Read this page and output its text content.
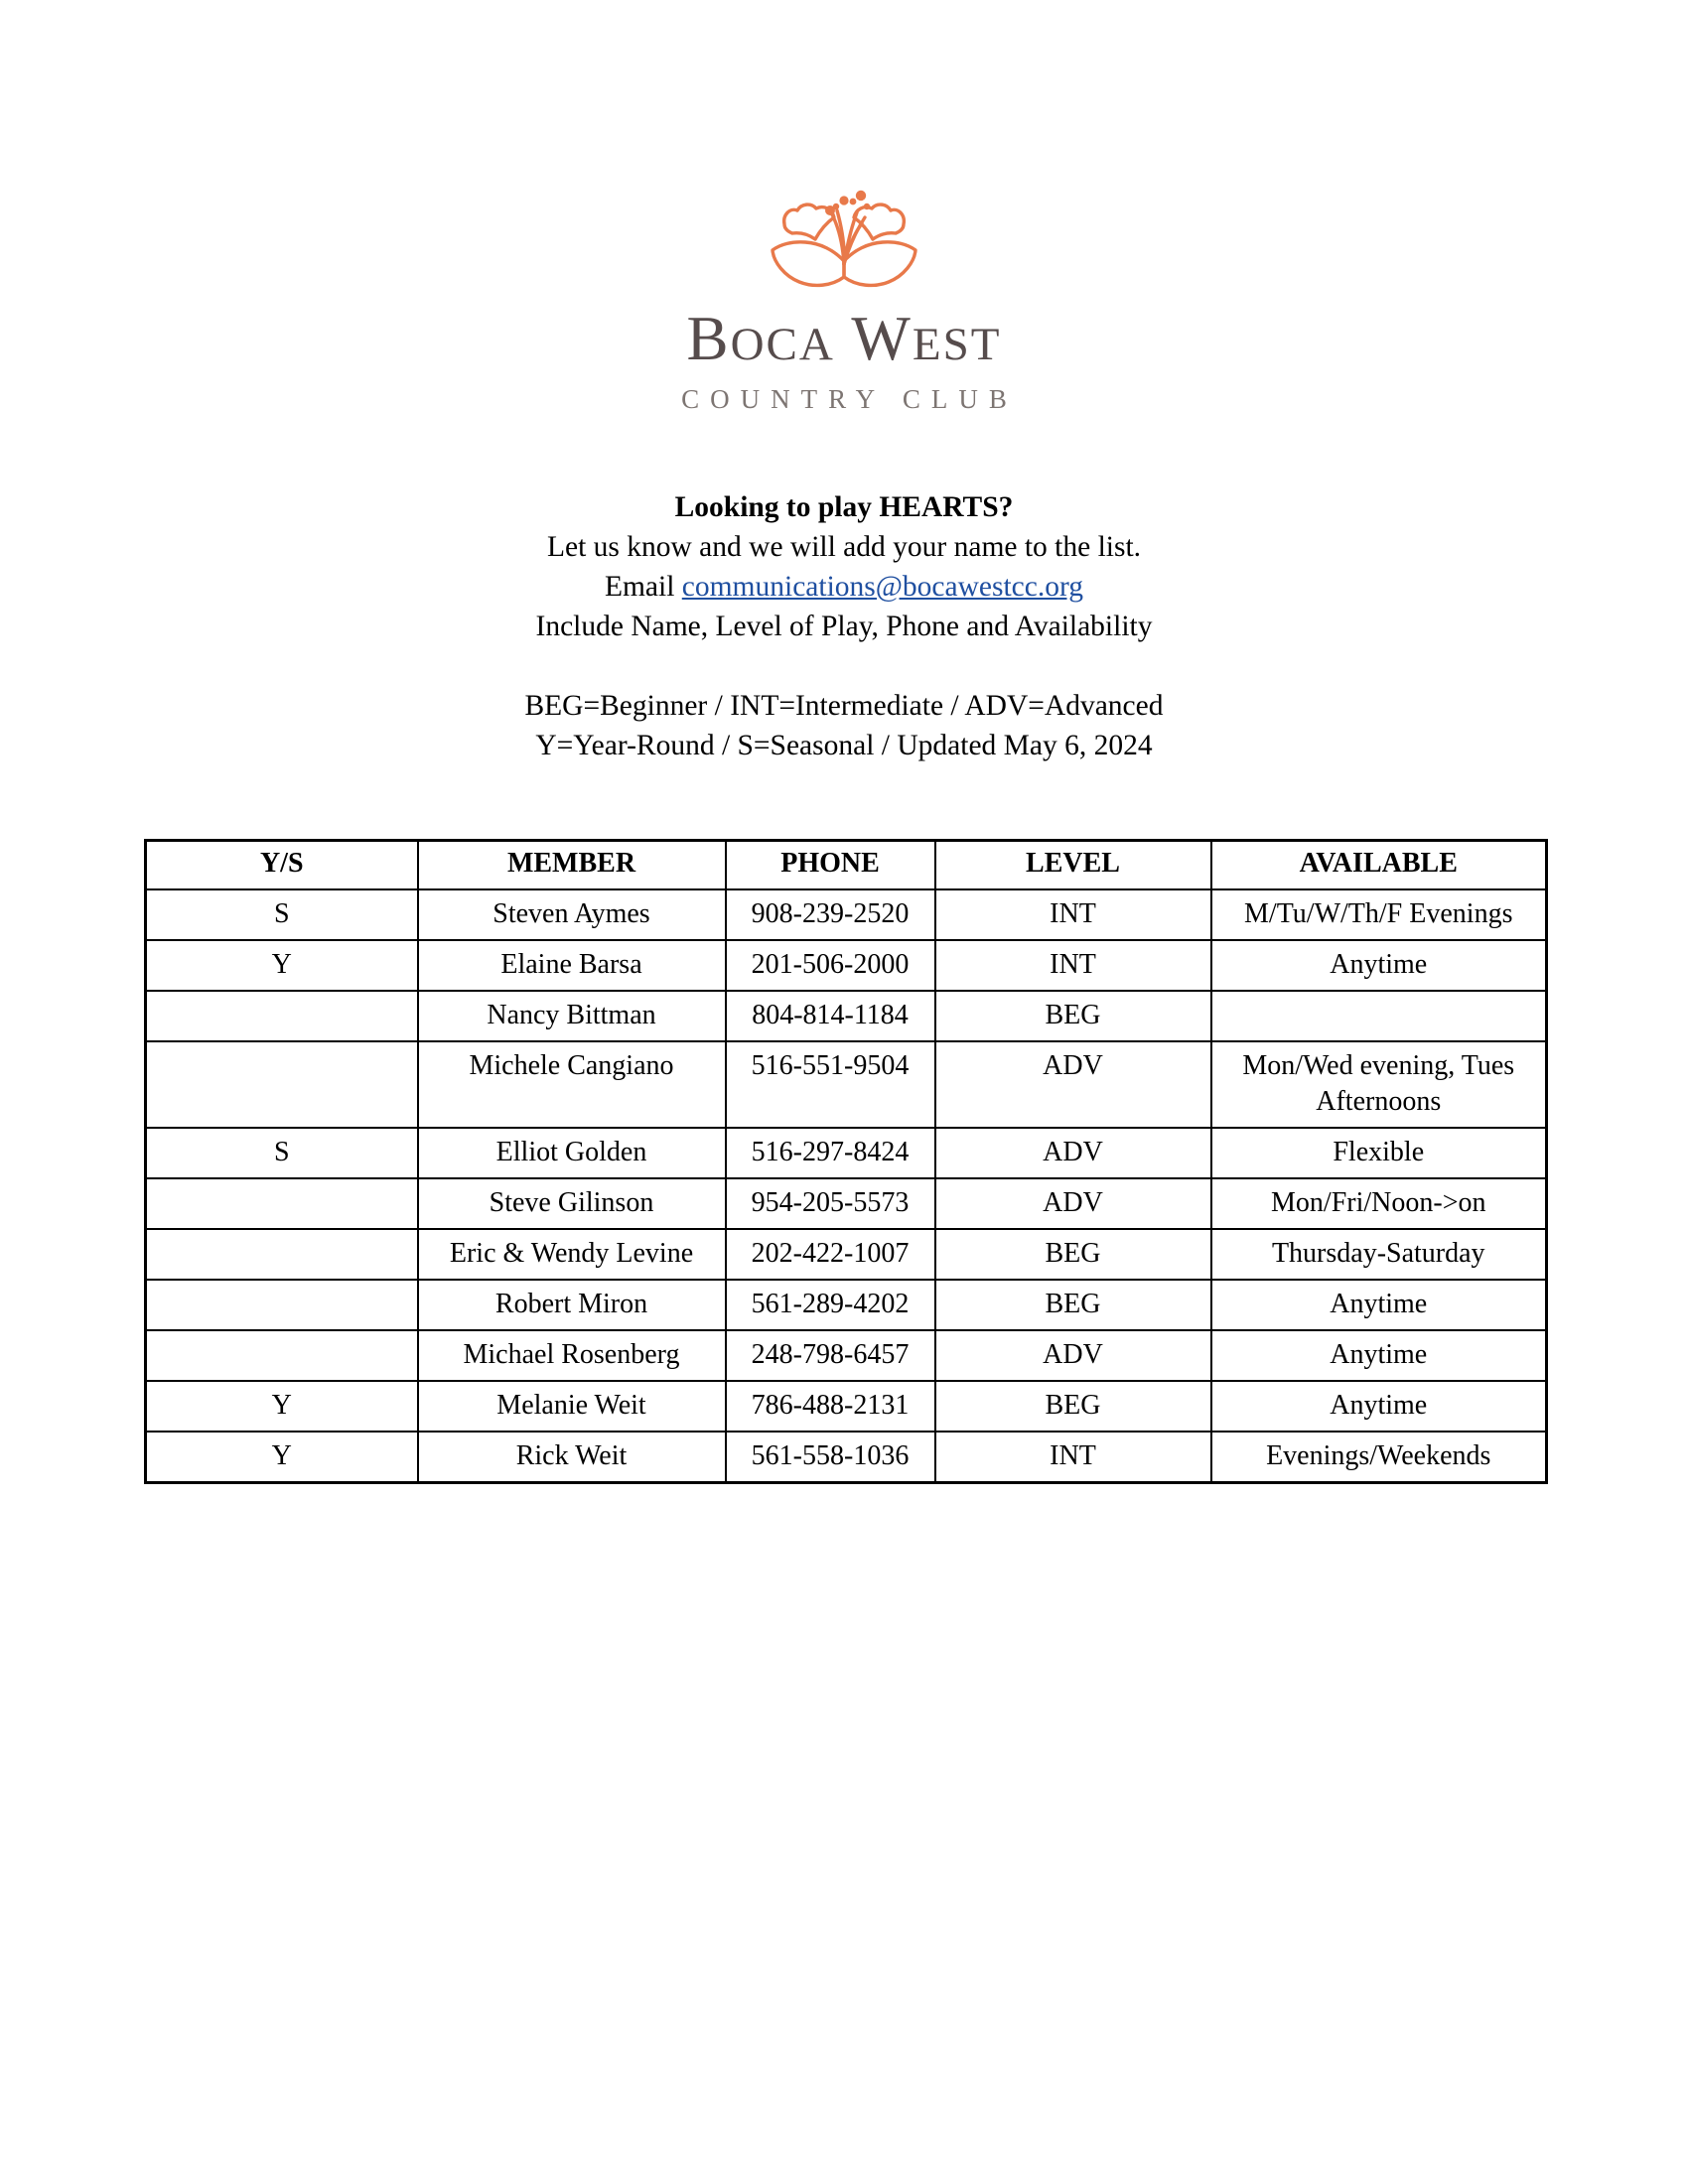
BOCA WEST
COUNTRY CLUB
Looking to play HEARTS?
Let us know and we will add your name to the list.
Email communications@bocawestcc.org
Include Name, Level of Play, Phone and Availability
BEG=Beginner / INT=Intermediate / ADV=Advanced
Y=Year-Round / S=Seasonal / Updated May 6, 2024
Y/S	MEMBER	PHONE	LEVEL	AVAILABLE
S	Steven Aymes	908-239-2520	INT	M/Tu/W/Th/F Evenings
Y	Elaine Barsa	201-506-2000	INT	Anytime
	Nancy Bittman	804-814-1184	BEG	
	Michele Cangiano	516-551-9504	ADV	Mon/Wed evening, Tues Afternoons
S	Elliot Golden	516-297-8424	ADV	Flexible
	Steve Gilinson	954-205-5573	ADV	Mon/Fri/Noon->on
	Eric & Wendy Levine	202-422-1007	BEG	Thursday-Saturday
	Robert Miron	561-289-4202	BEG	Anytime
	Michael Rosenberg	248-798-6457	ADV	Anytime
Y	Melanie Weit	786-488-2131	BEG	Anytime
Y	Rick Weit	561-558-1036	INT	Evenings/Weekends
